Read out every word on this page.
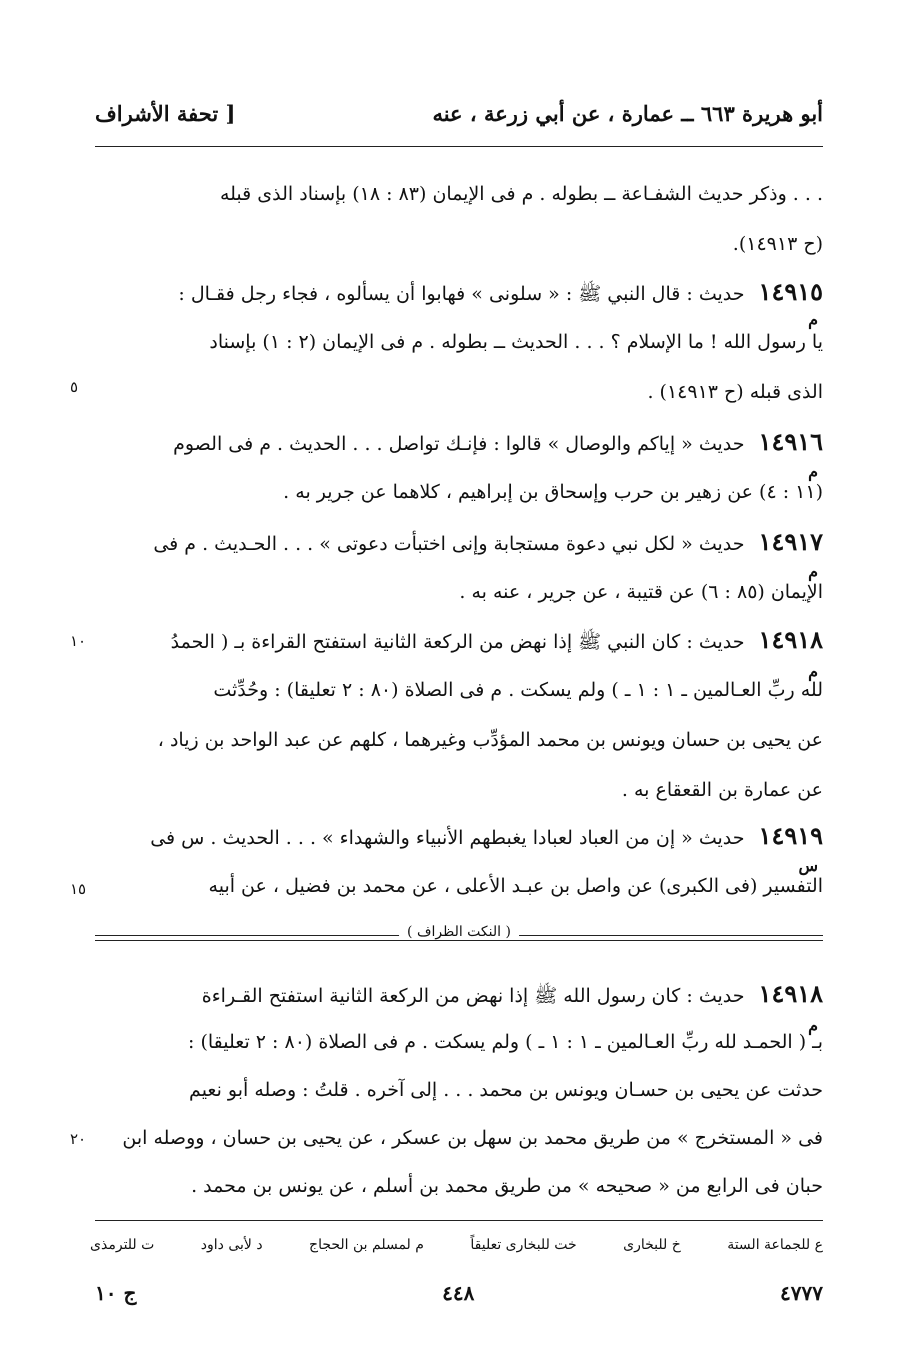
أبو هريرة ٦٦٣ ــ عمارة ، عن أبي زرعة ، عنه
[ تحفة الأشراف
. . . وذكر حديث الشفـاعة ــ بطوله . م فى الإيمان (٨٣ : ١٨) بإسناد الذى قبله
(ح ١٤٩١٣).
١٤٩١٥ حديث : قال النبي ﷺ : « سلونى » فهابوا أن يسألوه ، فجاء رجل فقـال :
يا رسول الله ! ما الإسلام ؟ . . . الحديث ــ بطوله . م فى الإيمان (٢ : ١) بإسناد
الذى قبله (ح ١٤٩١٣) .
م
٥
١٤٩١٦ حديث « إياكم والوصال » قالوا : فإنـك تواصل . . . الحديث . م فى الصوم
(١١ : ٤) عن زهير بن حرب وإسحاق بن إبراهيم ، كلاهما عن جرير به .
م
١٤٩١٧ حديث « لكل نبي دعوة مستجابة وإنى اختبأت دعوتى » . . . الحـديث . م فى
الإيمان (٨٥ : ٦) عن قتيبة ، عن جرير ، عنه به .
م
١٤٩١٨ حديث : كان النبي ﷺ إذا نهض من الركعة الثانية استفتح القراءة بـ ( الحمدُ
لله ربِّ العـالمين ـ ١ : ١ ـ ) ولم يسكت . م فى الصلاة (٨٠ : ٢ تعليقا) : وحُدِّثت
عن يحيى بن حسان ويونس بن محمد المؤدِّب وغيرهما ، كلهم عن عبد الواحد بن زياد ،
عن عمارة بن القعقاع به .
١٠
م
١٤٩١٩ حديث « إن من العباد لعبادا يغبطهم الأنبياء والشهداء » . . . الحديث . س فى
التفسير (فى الكبرى) عن واصل بن عبـد الأعلى ، عن محمد بن فضيل ، عن أبيه
س
١٥
( النكت الظراف )
١٤٩١٨ حديث : كان رسول الله ﷺ إذا نهض من الركعة الثانية استفتح القـراءة
بـ ( الحمـد لله ربِّ العـالمين ـ ١ : ١ ـ ) ولم يسكت . م فى الصلاة (٨٠ : ٢ تعليقا) :
حدثت عن يحيى بن حسـان ويونس بن محمد . . . إلى آخره . قلتُ : وصله أبو نعيم
فى « المستخرج » من طريق محمد بن سهل بن عسكر ، عن يحيى بن حسان ، ووصله ابن
حبان فى الرابع من « صحيحه » من طريق محمد بن أسلم ، عن يونس بن محمد .
م
٢٠
ع للجماعة الستة
خ للبخارى
خت للبخارى تعليقاً
م لمسلم بن الحجاج
د لأبى داود
ت للترمذى
٤٧٧٧
٤٤٨
ج ١٠
